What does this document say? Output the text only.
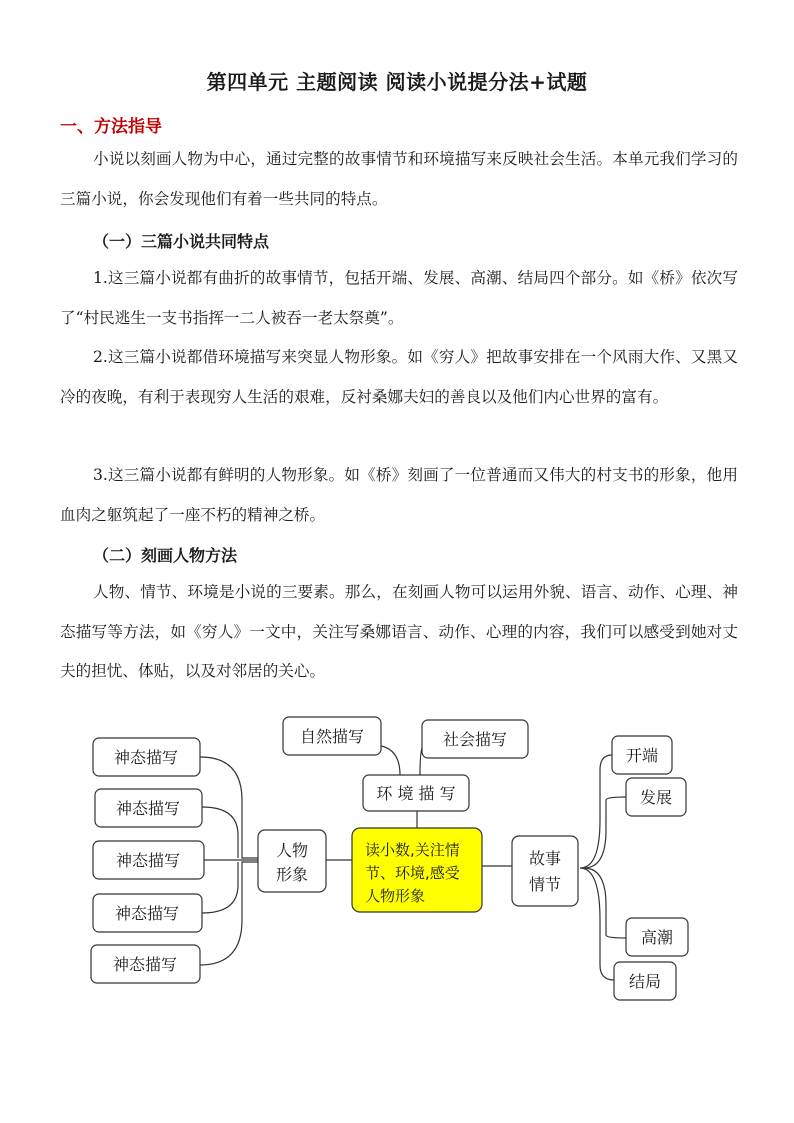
第四单元 主题阅读 阅读小说提分法+试题
一、方法指导

小说以刻画人物为中心，通过完整的故事情节和环境描写来反映社会生活。本单元我们学习的三篇小说，你会发现他们有着一些共同的特点。

（一）三篇小说共同特点

1.这三篇小说都有曲折的故事情节，包括开端、发展、高潮、结局四个部分。如《桥》依次写了“村民逃生一支书指挥一二人被吞一老太祭奠”。

2.这三篇小说都借环境描写来突显人物形象。如《穷人》把故事安排在一个风雨大作、又黑又冷的夜晚，有利于表现穷人生活的艰难，反衬桑娜夫妇的善良以及他们内心世界的富有。

3.这三篇小说都有鲜明的人物形象。如《桥》刻画了一位普通而又伟大的村支书的形象，他用血肉之躯筑起了一座不朽的精神之桥。

（二）刻画人物方法

人物、情节、环境是小说的三要素。那么，在刻画人物可以运用外貌、语言、动作、心理、神态描写等方法，如《穷人》一文中，关注写桑娜语言、动作、心理的内容，我们可以感受到她对丈夫的担忧、体贴，以及对邻居的关心。

神态描写
神态描写
神态描写
神态描写
神态描写
人物
形象
自然描写	社会描写
环 境 描 写
读小数,关注情
节、环境,感受
人物形象
故事
情节
开端
发展
高潮
结局
